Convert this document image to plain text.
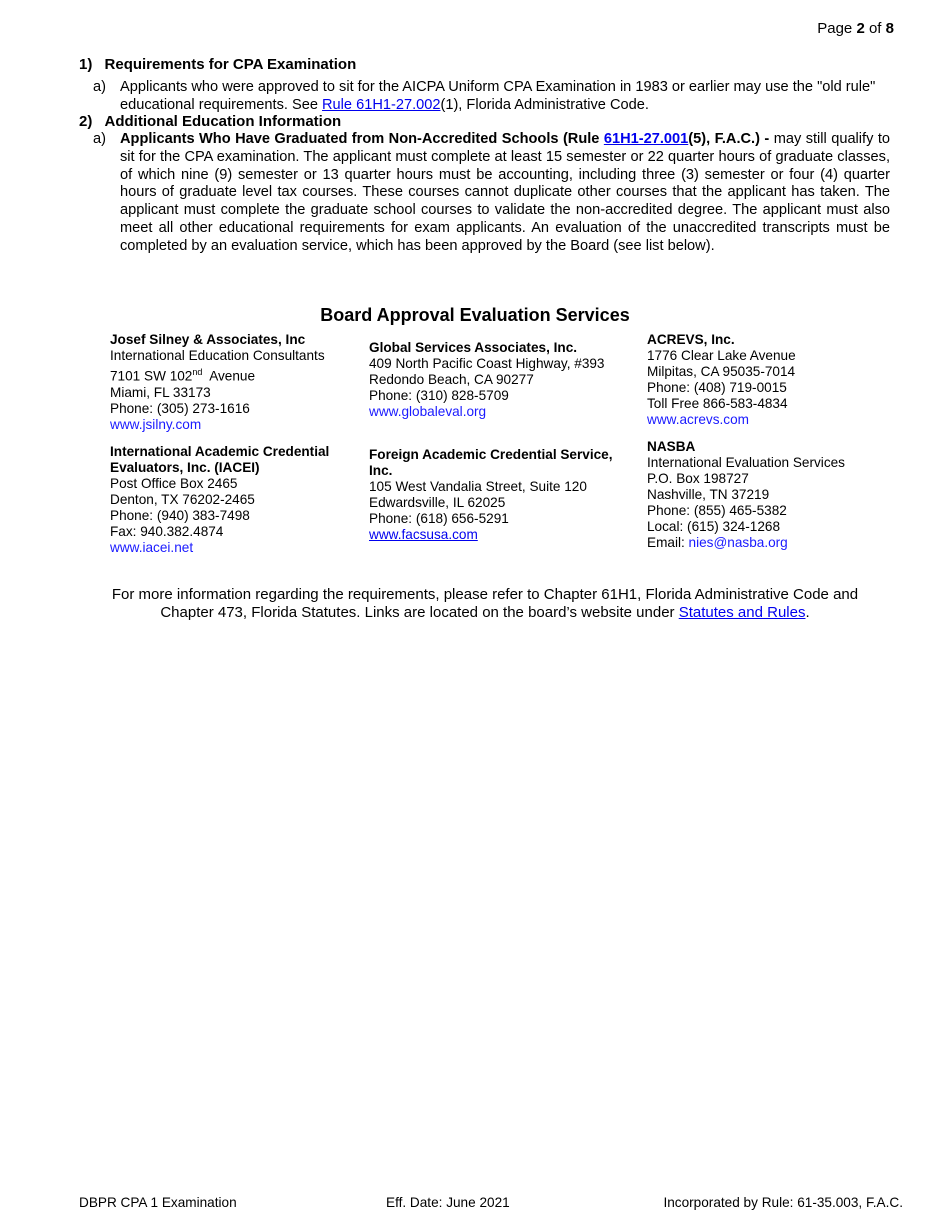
Page 2 of 8
1) Requirements for CPA Examination
a) Applicants who were approved to sit for the AICPA Uniform CPA Examination in 1983 or earlier may use the "old rule" educational requirements. See Rule 61H1-27.002(1), Florida Administrative Code.
2) Additional Education Information
a) Applicants Who Have Graduated from Non-Accredited Schools (Rule 61H1-27.001(5), F.A.C.) - may still qualify to sit for the CPA examination. The applicant must complete at least 15 semester or 22 quarter hours of graduate classes, of which nine (9) semester or 13 quarter hours must be accounting, including three (3) semester or four (4) quarter hours of graduate level tax courses. These courses cannot duplicate other courses that the applicant has taken. The applicant must complete the graduate school courses to validate the non-accredited degree. The applicant must also meet all other educational requirements for exam applicants. An evaluation of the unaccredited transcripts must be completed by an evaluation service, which has been approved by the Board (see list below).
Board Approval Evaluation Services
Josef Silney & Associates, Inc
International Education Consultants
7101 SW 102nd  Avenue
Miami, FL 33173
Phone: (305) 273-1616
www.jsilny.com
International Academic Credential
Evaluators, Inc. (IACEI)
Post Office Box 2465
Denton, TX 76202-2465
Phone: (940) 383-7498
Fax: 940.382.4874
www.iacei.net
Global Services Associates, Inc.
409 North Pacific Coast Highway, #393
Redondo Beach, CA 90277
Phone: (310) 828-5709
www.globaleval.org
Foreign Academic Credential Service,
Inc.
105 West Vandalia Street, Suite 120
Edwardsville, IL 62025
Phone: (618) 656-5291
www.facsusa.com
ACREVS, Inc.
1776 Clear Lake Avenue
Milpitas, CA 95035-7014
Phone: (408) 719-0015
Toll Free 866-583-4834
www.acrevs.com
NASBA
International Evaluation Services
P.O. Box 198727
Nashville, TN 37219
Phone: (855) 465-5382
Local: (615) 324-1268
Email: nies@nasba.org
For more information regarding the requirements, please refer to Chapter 61H1, Florida Administrative Code and Chapter 473, Florida Statutes. Links are located on the board’s website under Statutes and Rules.
DBPR CPA 1 Examination	Eff. Date: June 2021	Incorporated by Rule: 61-35.003, F.A.C.
